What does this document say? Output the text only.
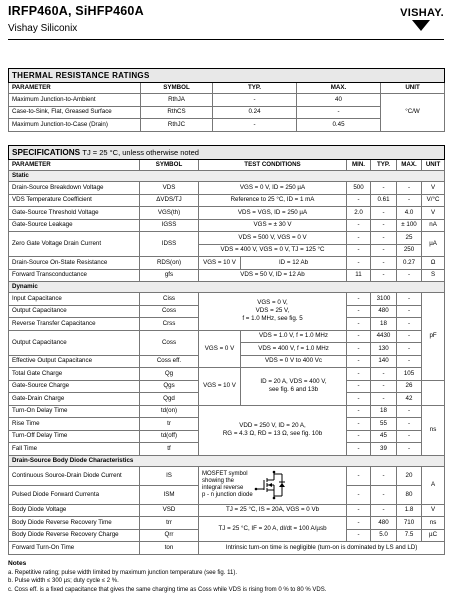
IRFP460A, SiHFP460A
Vishay Siliconix
VISHAY.
THERMAL RESISTANCE RATINGS				
PARAMETER	SYMBOL	TYP.	MAX.	UNIT
Maximum Junction-to-Ambient	RthJA	-	40	°C/W
Case-to-Sink, Flat, Greased Surface	RthCS	0.24	-	
Maximum Junction-to-Case (Drain)	RthJC	-	0.45	
SPECIFICATIONS TJ = 25 °C, unless otherwise noted								
PARAMETER	SYMBOL	TEST CONDITIONS		MIN.	TYP.	MAX.	UNIT	
Static								
Drain-Source Breakdown Voltage	VDS	VGS = 0 V, ID = 250 µA		500	-	-	V	
VDS Temperature Coefficient	ΔVDS/TJ	Reference to 25 °C, ID = 1 mA		-	0.61	-	V/°C	
Gate-Source Threshold Voltage	VGS(th)	VDS = VGS, ID = 250 µA		2.0	-	4.0	V	
Gate-Source Leakage	IGSS	VGS = ± 30 V		-	-	± 100	nA	
Zero Gate Voltage Drain Current	IDSS	VDS = 500 V, VGS = 0 V		-	-	25	µA	
		VDS = 400 V, VGS = 0 V, TJ = 125 °C		-	-	250		
Drain-Source On-State Resistance	RDS(on)	VGS = 10 V	ID = 12 Ab	-	-	0.27	Ω	
Forward Transconductance	gfs	VDS = 50 V, ID = 12 Ab		11	-	-	S	
Dynamic								
Input Capacitance	Ciss	VGS = 0 V,
VDS = 25 V,
f = 1.0 MHz, see fig. 5		-	3100	-	pF	
Output Capacitance	Coss			-	480	-		
Reverse Transfer Capacitance	Crss			-	18	-		
Output Capacitance	Coss	VGS = 0 V	VDS = 1.0 V, f = 1.0 MHz	-	4430	-		
			VDS = 400 V, f = 1.0 MHz	-	130	-		
Effective Output Capacitance	Coss eff.		VDS = 0 V to 400 Vc	-	140	-		
Total Gate Charge	Qg	VGS = 10 V	ID = 20 A, VDS = 400 V,
see fig. 6 and 13b	-	-	105	
Gate-Source Charge	Qgs			-	-	26		
Gate-Drain Charge	Qgd			-	-	42		
Turn-On Delay Time	td(on)	VDD = 250 V, ID = 20 A,
RG = 4.3 Ω, RD = 13 Ω, see fig. 10b		-	18	-	ns	
Rise Time	tr			-	55	-		
Turn-Off Delay Time	td(off)			-	45	-		
Fall Time	tf			-	39	-		
Drain-Source Body Diode Characteristics								
Continuous Source-Drain Diode Current	IS	MOSFET symbol
showing the
integral reverse
p - n junction diode		-	-	20	A	
Pulsed Diode Forward Currenta	ISM			-	-	80		
Body Diode Voltage	VSD	TJ = 25 °C, IS = 20A, VGS = 0 Vb		-	-	1.8	V	
Body Diode Reverse Recovery Time	trr	TJ = 25 °C, IF = 20 A, dI/dt = 100 A/µsb		-	480	710	ns	
Body Diode Reverse Recovery Charge	Qrr			-	5.0	7.5	µC	
Forward Turn-On Time	ton	Intrinsic turn-on time is negligible (turn-on is dominated by LS and LD)						
Notes
a. Repetitive rating; pulse width limited by maximum junction temperature (see fig. 11).
b. Pulse width ≤ 300 µs; duty cycle ≤ 2 %.
c. Coss eff. is a fixed capacitance that gives the same charging time as Coss while VDS is rising from 0 % to 80 % VDS.
